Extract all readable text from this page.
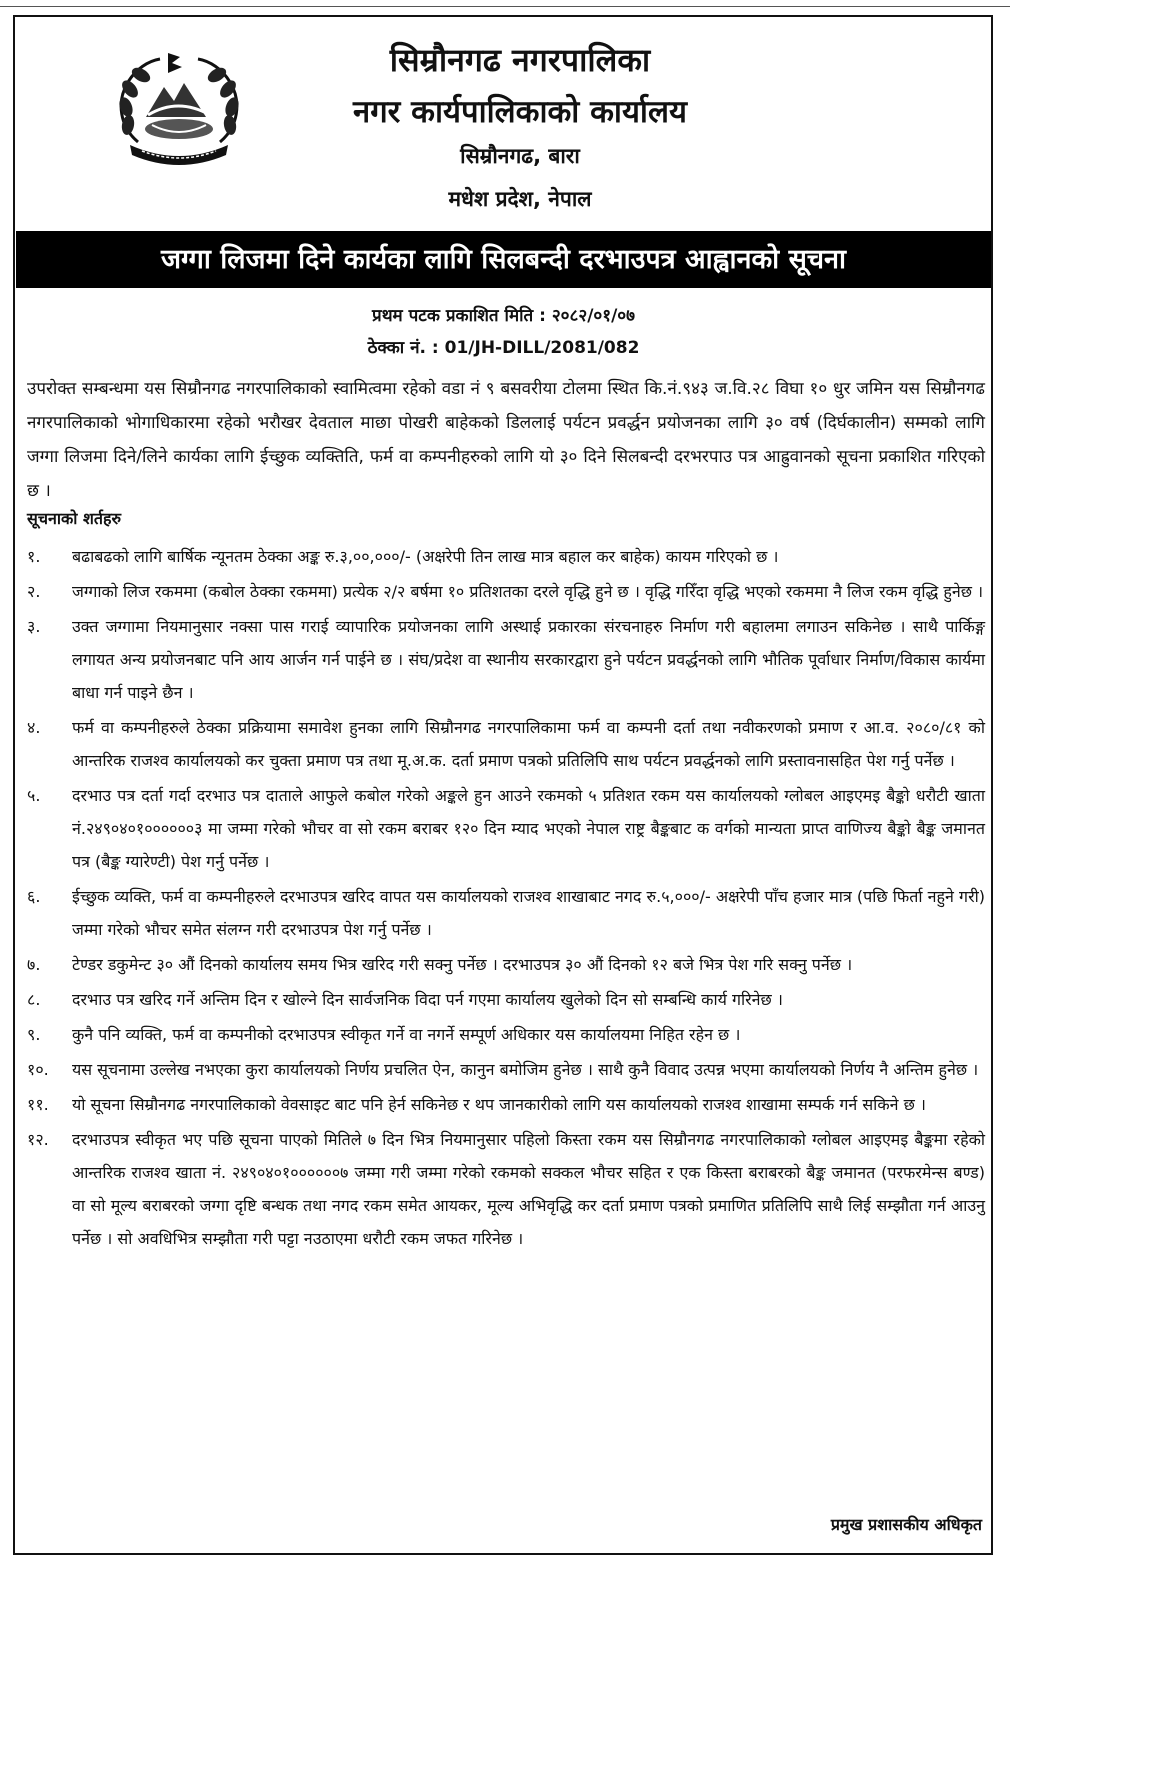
सिम्रौनगढ नगरपालिका
नगर कार्यपालिकाको कार्यालय
सिम्रौनगढ, बारा
मधेश प्रदेश, नेपाल
जग्गा लिजमा दिने कार्यका लागि सिलबन्दी दरभाउपत्र आह्वानको सूचना
प्रथम पटक प्रकाशित मिति : २०८२/०१/०७
ठेक्का नं. : 01/JH-DILL/2081/082
उपरोक्त सम्बन्धमा यस सिम्रौनगढ नगरपालिकाको स्वामित्वमा रहेको वडा नं ९ बसवरीया टोलमा स्थित कि.नं.९४३ ज.वि.२८ विघा १० धुर जमिन यस सिम्रौनगढ नगरपालिकाको भोगाधिकारमा रहेको भरौखर देवताल माछा पोखरी बाहेकको डिललाई पर्यटन प्रवर्द्धन प्रयोजनका लागि ३० वर्ष (दिर्घकालीन) सम्मको लागि जग्गा लिजमा दिने/लिने कार्यका लागि ईच्छुक व्यक्तिति, फर्म वा कम्पनीहरुको लागि यो ३० दिने सिलबन्दी दरभरपाउ पत्र आह्रुवानको सूचना प्रकाशित गरिएको छ ।
सूचनाको शर्तहरु
१.	बढाबढको लागि बार्षिक न्यूनतम ठेक्का अङ्क रु.३,००,०००/- (अक्षरेपी तिन लाख मात्र बहाल कर बाहेक) कायम गरिएको छ ।
२.	जग्गाको लिज रकममा (कबोल ठेक्का रकममा) प्रत्येक २/२ बर्षमा १० प्रतिशतका दरले वृद्धि हुने छ । वृद्धि गरिँदा वृद्धि भएको रकममा नै लिज रकम वृद्धि हुनेछ ।
३.	उक्त जग्गामा नियमानुसार नक्सा पास गराई व्यापारिक प्रयोजनका लागि अस्थाई प्रकारका संरचनाहरु निर्माण गरी बहालमा लगाउन सकिनेछ । साथै पार्किङ्ग लगायत अन्य प्रयोजनबाट पनि आय आर्जन गर्न पाईने छ । संघ/प्रदेश वा स्थानीय सरकारद्वारा हुने पर्यटन प्रवर्द्धनको लागि भौतिक पूर्वाधार निर्माण/विकास कार्यमा बाधा गर्न पाइने छैन ।
४.	फर्म वा कम्पनीहरुले ठेक्का प्रक्रियामा समावेश हुनका लागि सिम्रौनगढ नगरपालिकामा फर्म वा कम्पनी दर्ता तथा नवीकरणको प्रमाण र आ.व. २०८०/८१ को आन्तरिक राजश्व कार्यालयको कर चुक्ता प्रमाण पत्र तथा मू.अ.क. दर्ता प्रमाण पत्रको प्रतिलिपि साथ पर्यटन प्रवर्द्धनको लागि प्रस्तावनासहित पेश गर्नु पर्नेछ ।
५.	दरभाउ पत्र दर्ता गर्दा दरभाउ पत्र दाताले आफुले कबोल गरेको अङ्कले हुन आउने रकमको ५ प्रतिशत रकम यस कार्यालयको ग्लोबल आइएमइ बैङ्को धरौटी खाता नं.२४९०४०१००००००३ मा जम्मा गरेको भौचर वा सो रकम बराबर १२० दिन म्याद भएको नेपाल राष्ट्र बैङ्कबाट क वर्गको मान्यता प्राप्त वाणिज्य बैङ्को बैङ्क जमानत पत्र (बैङ्क ग्यारेण्टी) पेश गर्नु पर्नेछ ।
६.	ईच्छुक व्यक्ति, फर्म वा कम्पनीहरुले दरभाउपत्र खरिद वापत यस कार्यालयको राजश्व शाखाबाट नगद रु.५,०००/- अक्षरेपी पाँच हजार मात्र (पछि फिर्ता नहुने गरी) जम्मा गरेको भौचर समेत संलग्न गरी दरभाउपत्र पेश गर्नु पर्नेछ ।
७.	टेण्डर डकुमेन्ट ३० औं दिनको कार्यालय समय भित्र खरिद गरी सक्नु पर्नेछ । दरभाउपत्र ३० औं दिनको १२ बजे भित्र पेश गरि सक्नु पर्नेछ ।
८.	दरभाउ पत्र खरिद गर्ने अन्तिम दिन र खोल्ने दिन सार्वजनिक विदा पर्न गएमा कार्यालय खुलेको दिन सो सम्बन्धि कार्य गरिनेछ ।
९.	कुनै पनि व्यक्ति, फर्म वा कम्पनीको दरभाउपत्र स्वीकृत गर्ने वा नगर्ने सम्पूर्ण अधिकार यस कार्यालयमा निहित रहेन छ ।
१०.	यस सूचनामा उल्लेख नभएका कुरा कार्यालयको निर्णय प्रचलित ऐन, कानुन बमोजिम हुनेछ । साथै कुनै विवाद उत्पन्न भएमा कार्यालयको निर्णय नै अन्तिम हुनेछ ।
११.	यो सूचना सिम्रौनगढ नगरपालिकाको वेवसाइट बाट पनि हेर्न सकिनेछ र थप जानकारीको लागि यस कार्यालयको राजश्व शाखामा सम्पर्क गर्न सकिने छ ।
१२.	दरभाउपत्र स्वीकृत भए पछि सूचना पाएको मितिले ७ दिन भित्र नियमानुसार पहिलो किस्ता रकम यस सिम्रौनगढ नगरपालिकाको ग्लोबल आइएमइ बैङ्कमा रहेको आन्तरिक राजश्व खाता नं. २४९०४०१००००००७ जम्मा गरी जम्मा गरेको रकमको सक्कल भौचर सहित र एक किस्ता बराबरको बैङ्क जमानत (परफरमेन्स बण्ड) वा सो मूल्य बराबरको जग्गा दृष्टि बन्धक तथा नगद रकम समेत आयकर, मूल्य अभिवृद्धि कर दर्ता प्रमाण पत्रको प्रमाणित प्रतिलिपि साथै लिई सम्झौता गर्न आउनु पर्नेछ । सो अवधिभित्र सम्झौता गरी पट्टा नउठाएमा धरौटी रकम जफत गरिनेछ ।
प्रमुख प्रशासकीय अधिकृत
